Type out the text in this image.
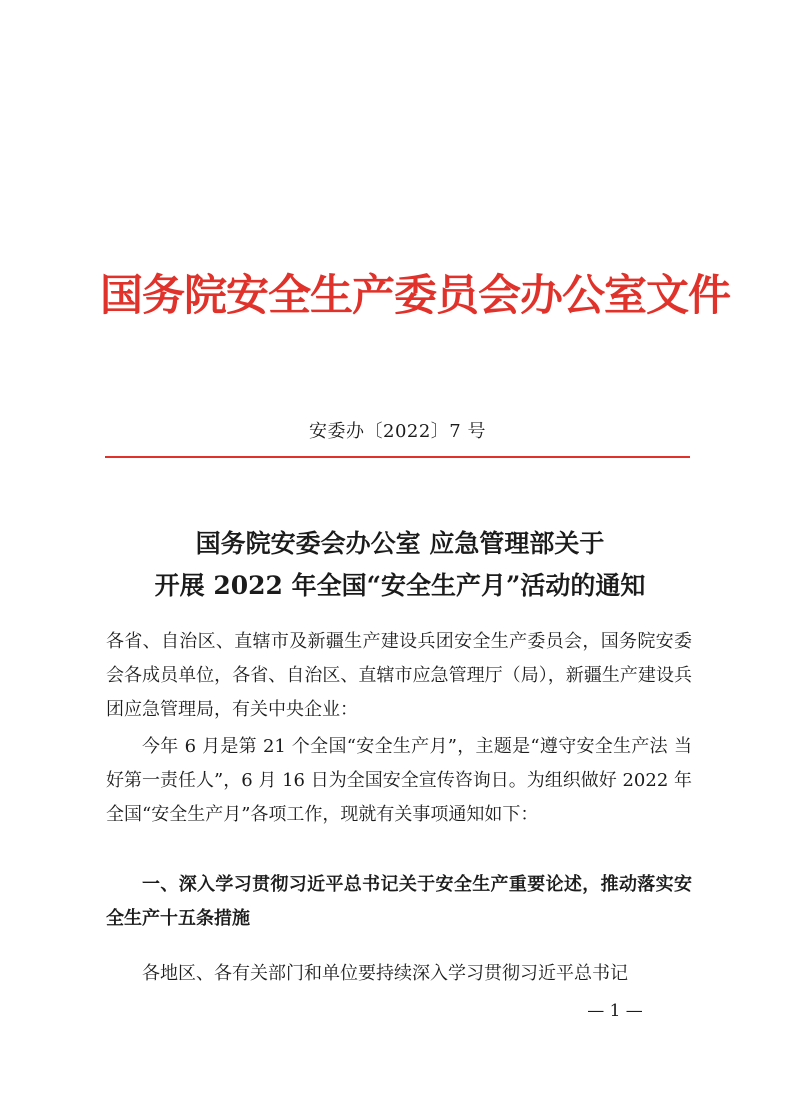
国务院安全生产委员会办公室文件
安委办〔2022〕7 号
国务院安委会办公室 应急管理部关于
开展 2022 年全国“安全生产月”活动的通知
各省、自治区、直辖市及新疆生产建设兵团安全生产委员会，国务院安委会各成员单位，各省、自治区、直辖市应急管理厅（局），新疆生产建设兵团应急管理局，有关中央企业：
今年 6 月是第 21 个全国“安全生产月”，主题是“遵守安全生产法 当好第一责任人”，6 月 16 日为全国安全宣传咨询日。为组织做好 2022 年全国“安全生产月”各项工作，现就有关事项通知如下：
一、深入学习贯彻习近平总书记关于安全生产重要论述，推动落实安全生产十五条措施
各地区、各有关部门和单位要持续深入学习贯彻习近平总书记
— 1 —
